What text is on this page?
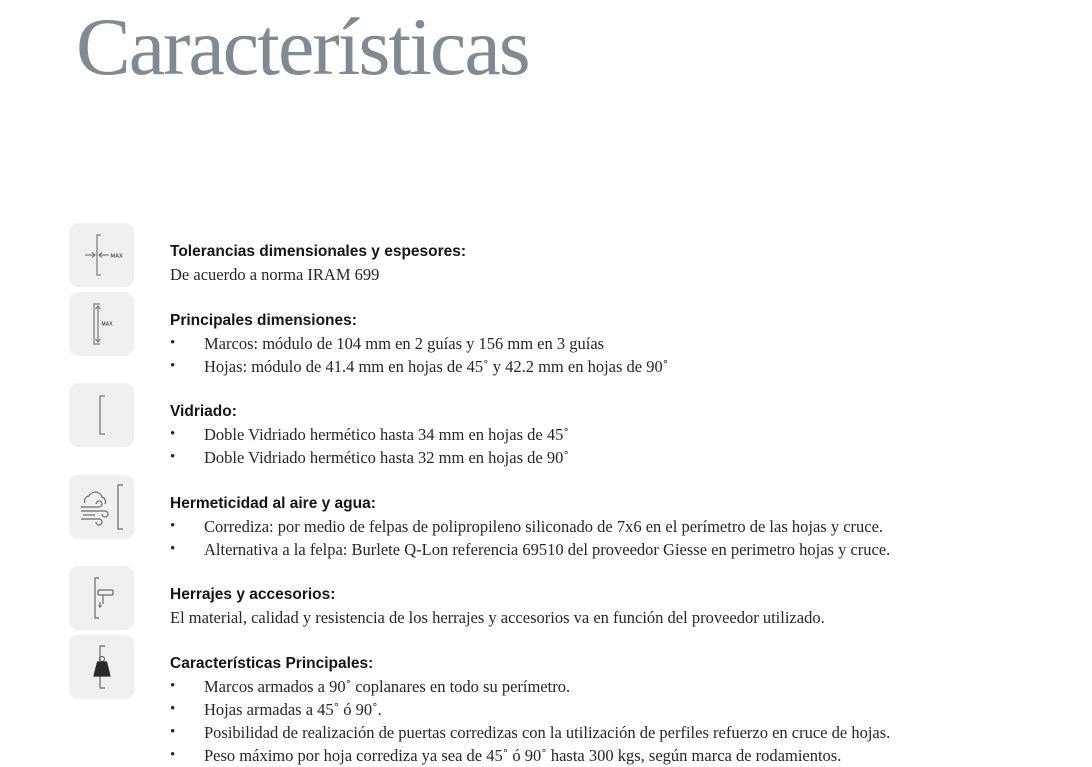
Características
MAX
MAX
Tolerancias dimensionales y espesores:
De acuerdo a norma IRAM 699
Principales dimensiones:
• Marcos: módulo de 104 mm en 2 guías y 156 mm en 3 guías
• Hojas: módulo de 41.4 mm en hojas de 45˚ y 42.2 mm en hojas de 90˚
Vidriado:
• Doble Vidriado hermético hasta 34 mm en hojas de 45˚
• Doble Vidriado hermético hasta 32 mm en hojas de 90˚
Hermeticidad al aire y agua:
• Corrediza: por medio de felpas de polipropileno siliconado de 7x6 en el perímetro de las hojas y cruce.
• Alternativa a la felpa: Burlete Q-Lon referencia 69510 del proveedor Giesse en perimetro hojas y cruce.
Herrajes y accesorios:
El material, calidad y resistencia de los herrajes y accesorios va en función del proveedor utilizado.
Características Principales:
• Marcos armados a 90˚ coplanares en todo su perímetro.
• Hojas armadas a 45˚ ó 90˚.
• Posibilidad de realización de puertas corredizas con la utilización de perfiles refuerzo en cruce de hojas.
• Peso máximo por hoja corrediza ya sea de 45˚ ó 90˚ hasta 300 kgs, según marca de rodamientos.
